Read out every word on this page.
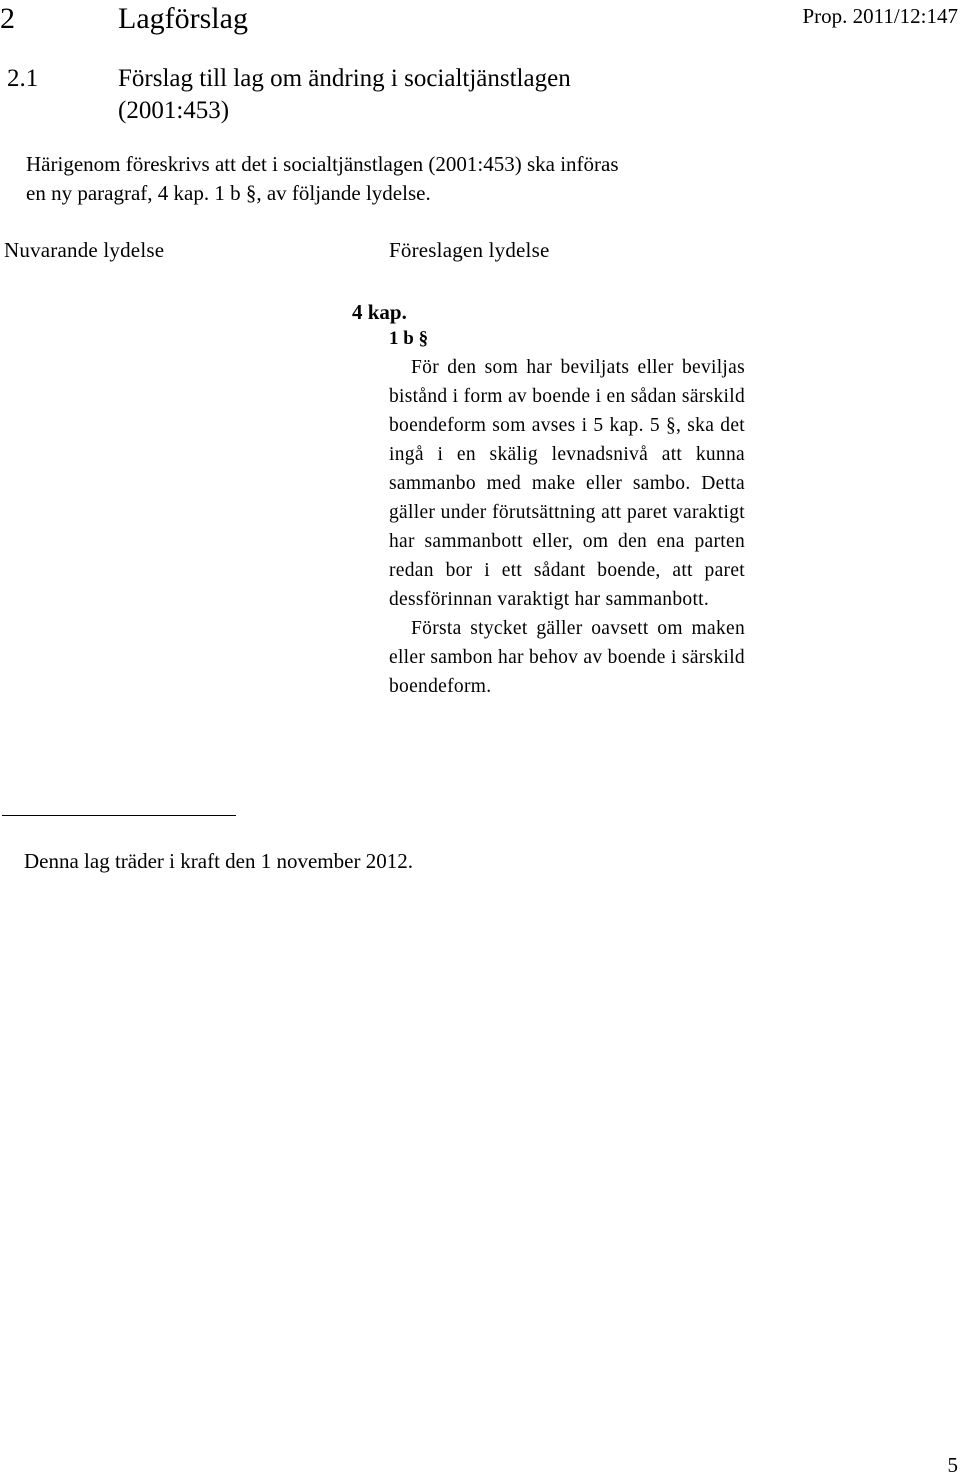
2	Lagförslag	Prop. 2011/12:147
2.1	Förslag till lag om ändring i socialtjänstlagen (2001:453)
Härigenom föreskrivs att det i socialtjänstlagen (2001:453) ska införas
en ny paragraf, 4 kap. 1 b §, av följande lydelse.
Nuvarande lydelse	Föreslagen lydelse
4 kap.
1 b §

För den som har beviljats eller beviljas bistånd i form av boende i en sådan särskild boendeform som avses i 5 kap. 5 §, ska det ingå i en skälig levnadsnivå att kunna sammanbo med make eller sambo. Detta gäller under förutsättning att paret varaktigt har sammanbott eller, om den ena parten redan bor i ett sådant boende, att paret dessförinnan varaktigt har sammanbott.

Första stycket gäller oavsett om maken eller sambon har behov av boende i särskild boendeform.

Denna lag träder i kraft den 1 november 2012.
5
